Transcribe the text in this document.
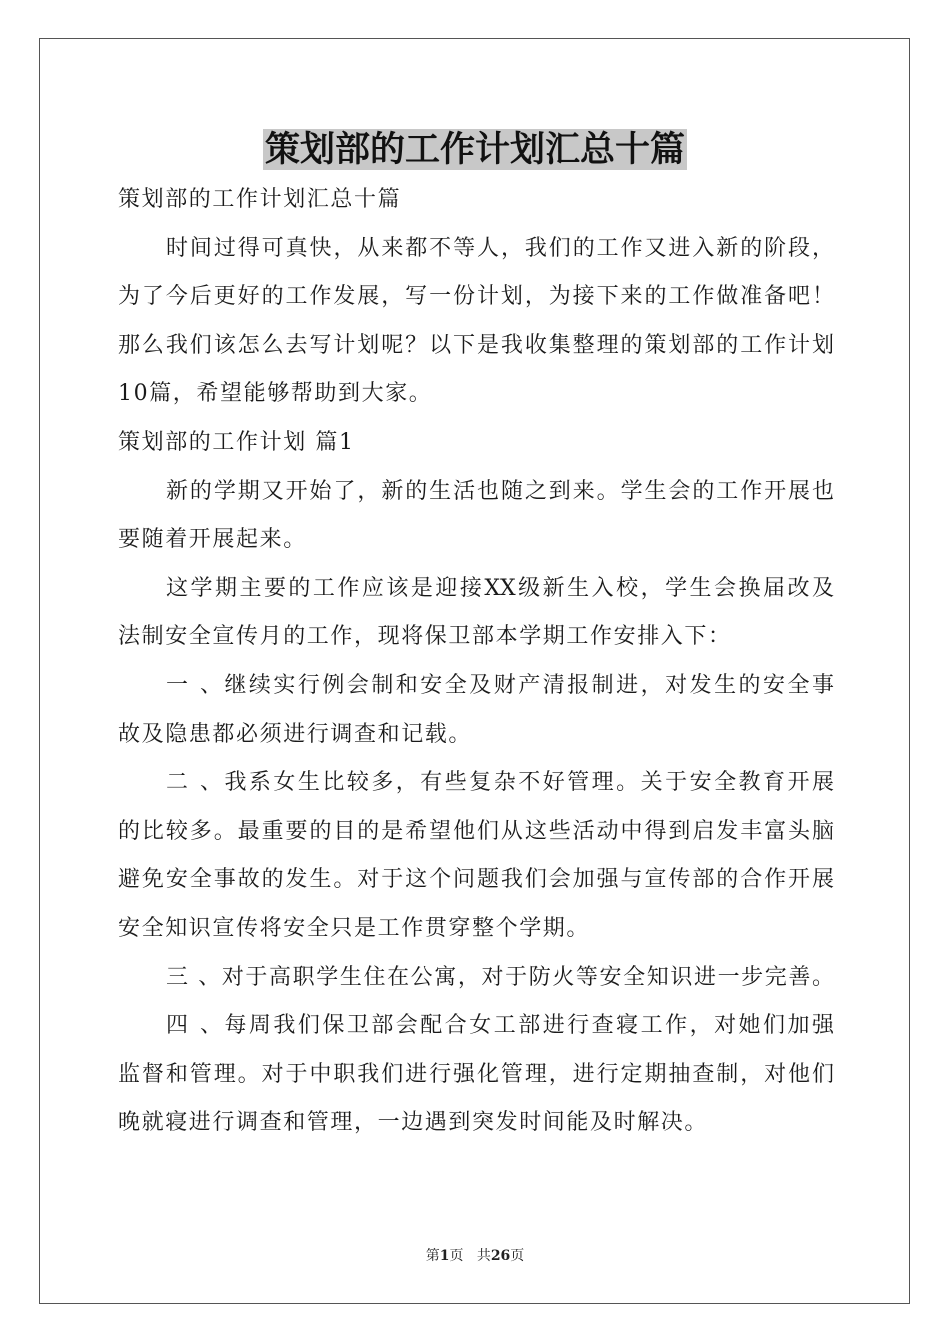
策划部的工作计划汇总十篇
策划部的工作计划汇总十篇
时间过得可真快，从来都不等人，我们的工作又进入新的阶段，
为了今后更好的工作发展，写一份计划，为接下来的工作做准备吧！
那么我们该怎么去写计划呢？以下是我收集整理的策划部的工作计划
10篇，希望能够帮助到大家。
策划部的工作计划 篇1
新的学期又开始了，新的生活也随之到来。学生会的工作开展也
要随着开展起来。
这学期主要的工作应该是迎接XX级新生入校，学生会换届改及
法制安全宣传月的工作，现将保卫部本学期工作安排入下：
一 、继续实行例会制和安全及财产清报制进，对发生的安全事
故及隐患都必须进行调查和记载。
二 、我系女生比较多，有些复杂不好管理。关于安全教育开展
的比较多。最重要的目的是希望他们从这些活动中得到启发丰富头脑
避免安全事故的发生。对于这个问题我们会加强与宣传部的合作开展
安全知识宣传将安全只是工作贯穿整个学期。
三 、对于高职学生住在公寓，对于防火等安全知识进一步完善。
四 、每周我们保卫部会配合女工部进行查寝工作，对她们加强
监督和管理。对于中职我们进行强化管理，进行定期抽查制，对他们
晚就寝进行调查和管理，一边遇到突发时间能及时解决。
第1页 共26页
